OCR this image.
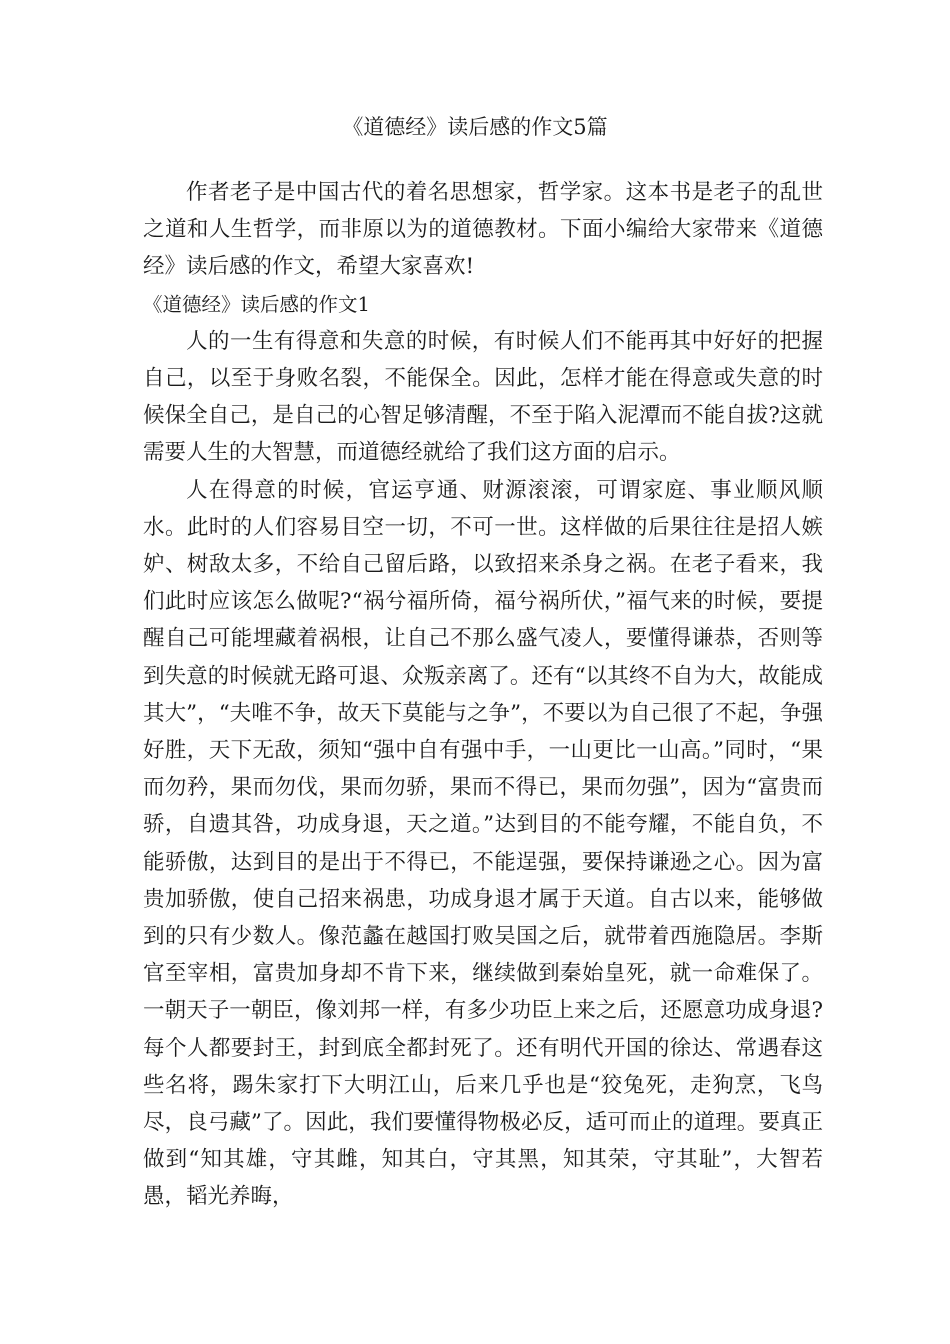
《道德经》读后感的作文5篇

作者老子是中国古代的着名思想家，哲学家。这本书是老子的乱世之道和人生哲学，而非原以为的道德教材。下面小编给大家带来《道德经》读后感的作文，希望大家喜欢!

《道德经》读后感的作文1

人的一生有得意和失意的时候，有时候人们不能再其中好好的把握自己，以至于身败名裂，不能保全。因此，怎样才能在得意或失意的时候保全自己，是自己的心智足够清醒，不至于陷入泥潭而不能自拔?这就需要人生的大智慧，而道德经就给了我们这方面的启示。

人在得意的时候，官运亨通、财源滚滚，可谓家庭、事业顺风顺水。此时的人们容易目空一切，不可一世。这样做的后果往往是招人嫉妒、树敌太多，不给自己留后路，以致招来杀身之祸。在老子看来，我们此时应该怎么做呢?“祸兮福所倚，福兮祸所伏，”福气来的时候，要提醒自己可能埋藏着祸根，让自己不那么盛气凌人，要懂得谦恭，否则等到失意的时候就无路可退、众叛亲离了。还有“以其终不自为大，故能成其大”，“夫唯不争，故天下莫能与之争”，不要以为自己很了不起，争强好胜，天下无敌，须知“强中自有强中手，一山更比一山高。”同时，“果而勿矜，果而勿伐，果而勿骄，果而不得已，果而勿强”，因为“富贵而骄，自遗其咎，功成身退，天之道。”达到目的不能夸耀，不能自负，不能骄傲，达到目的是出于不得已，不能逞强，要保持谦逊之心。因为富贵加骄傲，使自己招来祸患，功成身退才属于天道。自古以来，能够做到的只有少数人。像范蠡在越国打败吴国之后，就带着西施隐居。李斯官至宰相，富贵加身却不肯下来，继续做到秦始皇死，就一命难保了。一朝天子一朝臣，像刘邦一样，有多少功臣上来之后，还愿意功成身退?每个人都要封王，封到底全都封死了。还有明代开国的徐达、常遇春这些名将，踢朱家打下大明江山，后来几乎也是“狡兔死，走狗烹，飞鸟尽，良弓藏”了。因此，我们要懂得物极必反，适可而止的道理。要真正做到“知其雄，守其雌，知其白，守其黑，知其荣，守其耻”，大智若愚，韬光养晦，
